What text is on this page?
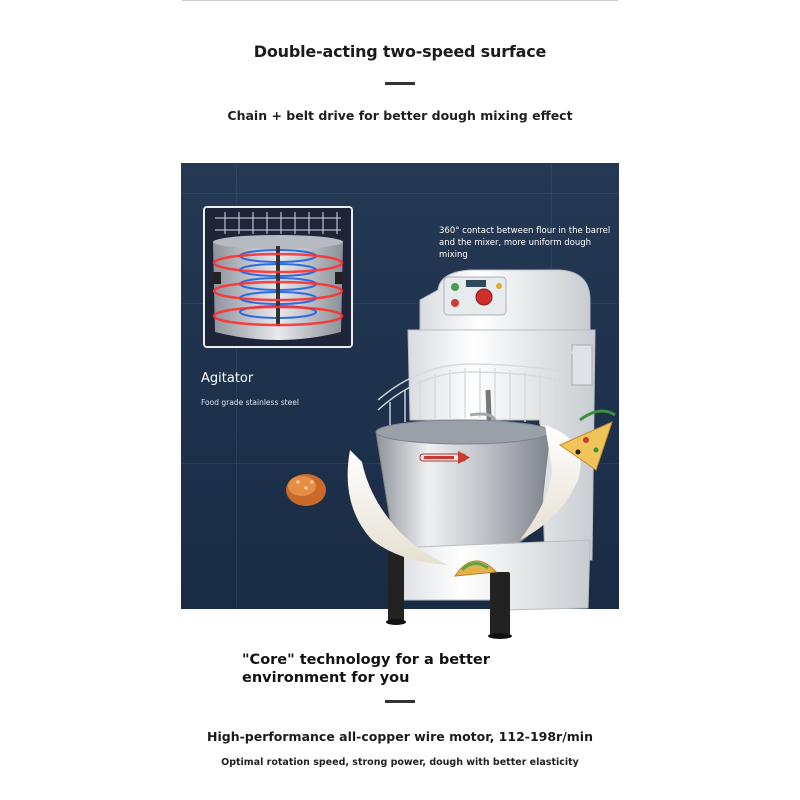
Double-acting two-speed surface
Chain + belt drive for better dough mixing effect
360° contact between flour in the barrel and the mixer, more uniform dough mixing
Agitator
Food grade stainless steel
"Core" technology for a better
environment for you
High-performance all-copper wire motor, 112-198r/min
Optimal rotation speed, strong power, dough with better elasticity
